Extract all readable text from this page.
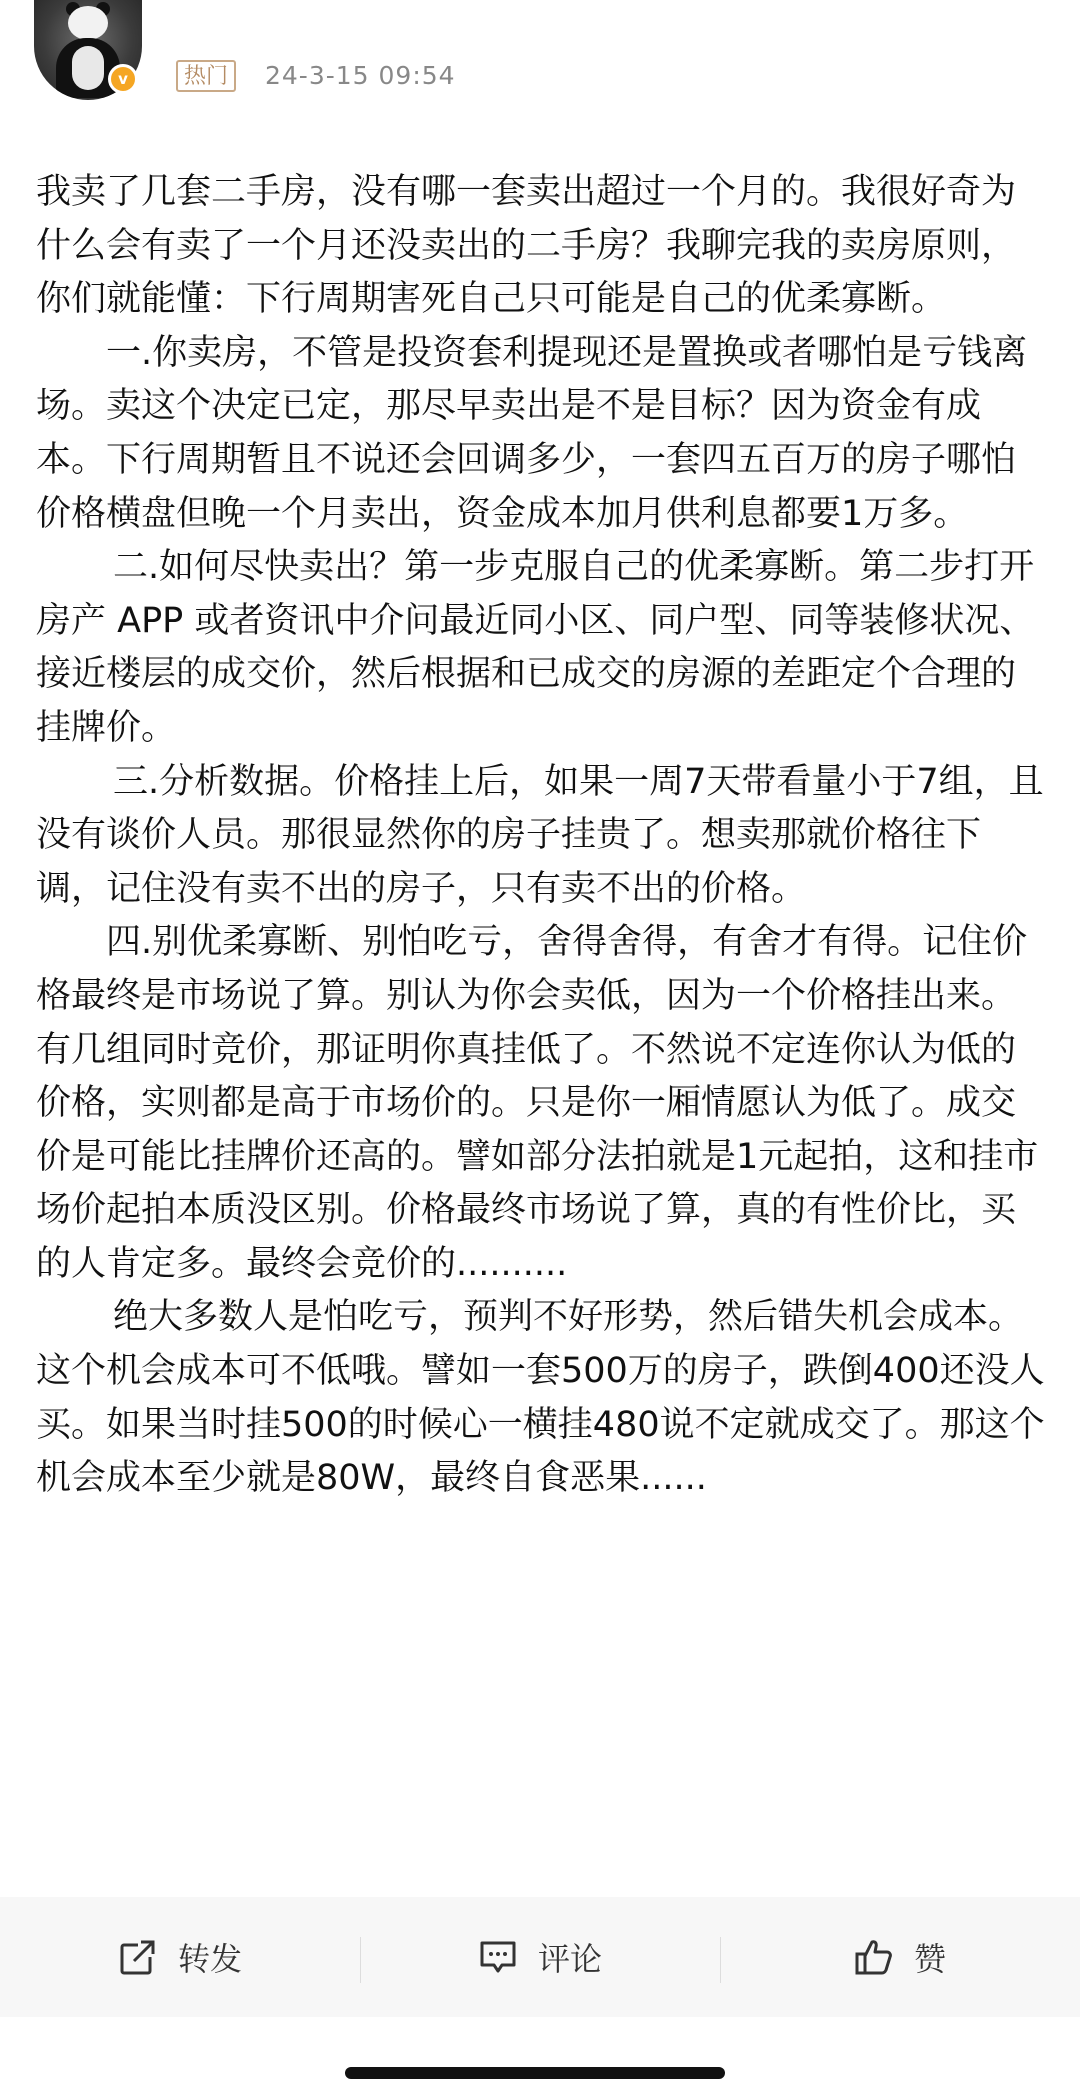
v	热门	24-3-15 09:54

我卖了几套二手房，没有哪一套卖出超过一个月的。我很好奇为什么会有卖了一个月还没卖出的二手房？我聊完我的卖房原则，你们就能懂：下行周期害死自己只可能是自己的优柔寡断。

一.你卖房，不管是投资套利提现还是置换或者哪怕是亏钱离场。卖这个决定已定，那尽早卖出是不是目标？因为资金有成本。下行周期暂且不说还会回调多少，一套四五百万的房子哪怕价格横盘但晚一个月卖出，资金成本加月供利息都要1万多。

二.如何尽快卖出？第一步克服自己的优柔寡断。第二步打开房产 APP 或者资讯中介问最近同小区、同户型、同等装修状况、接近楼层的成交价，然后根据和已成交的房源的差距定个合理的挂牌价。

三.分析数据。价格挂上后，如果一周7天带看量小于7组，且没有谈价人员。那很显然你的房子挂贵了。想卖那就价格往下调，记住没有卖不出的房子，只有卖不出的价格。

四.别优柔寡断、别怕吃亏，舍得舍得，有舍才有得。记住价格最终是市场说了算。别认为你会卖低，因为一个价格挂出来。有几组同时竞价，那证明你真挂低了。不然说不定连你认为低的价格，实则都是高于市场价的。只是你一厢情愿认为低了。成交价是可能比挂牌价还高的。譬如部分法拍就是1元起拍，这和挂市场价起拍本质没区别。价格最终市场说了算，真的有性价比，买的人肯定多。最终会竞价的..........

绝大多数人是怕吃亏，预判不好形势，然后错失机会成本。这个机会成本可不低哦。譬如一套500万的房子，跌倒400还没人买。如果当时挂500的时候心一横挂480说不定就成交了。那这个机会成本至少就是80W，最终自食恶果......

转发	评论	赞
